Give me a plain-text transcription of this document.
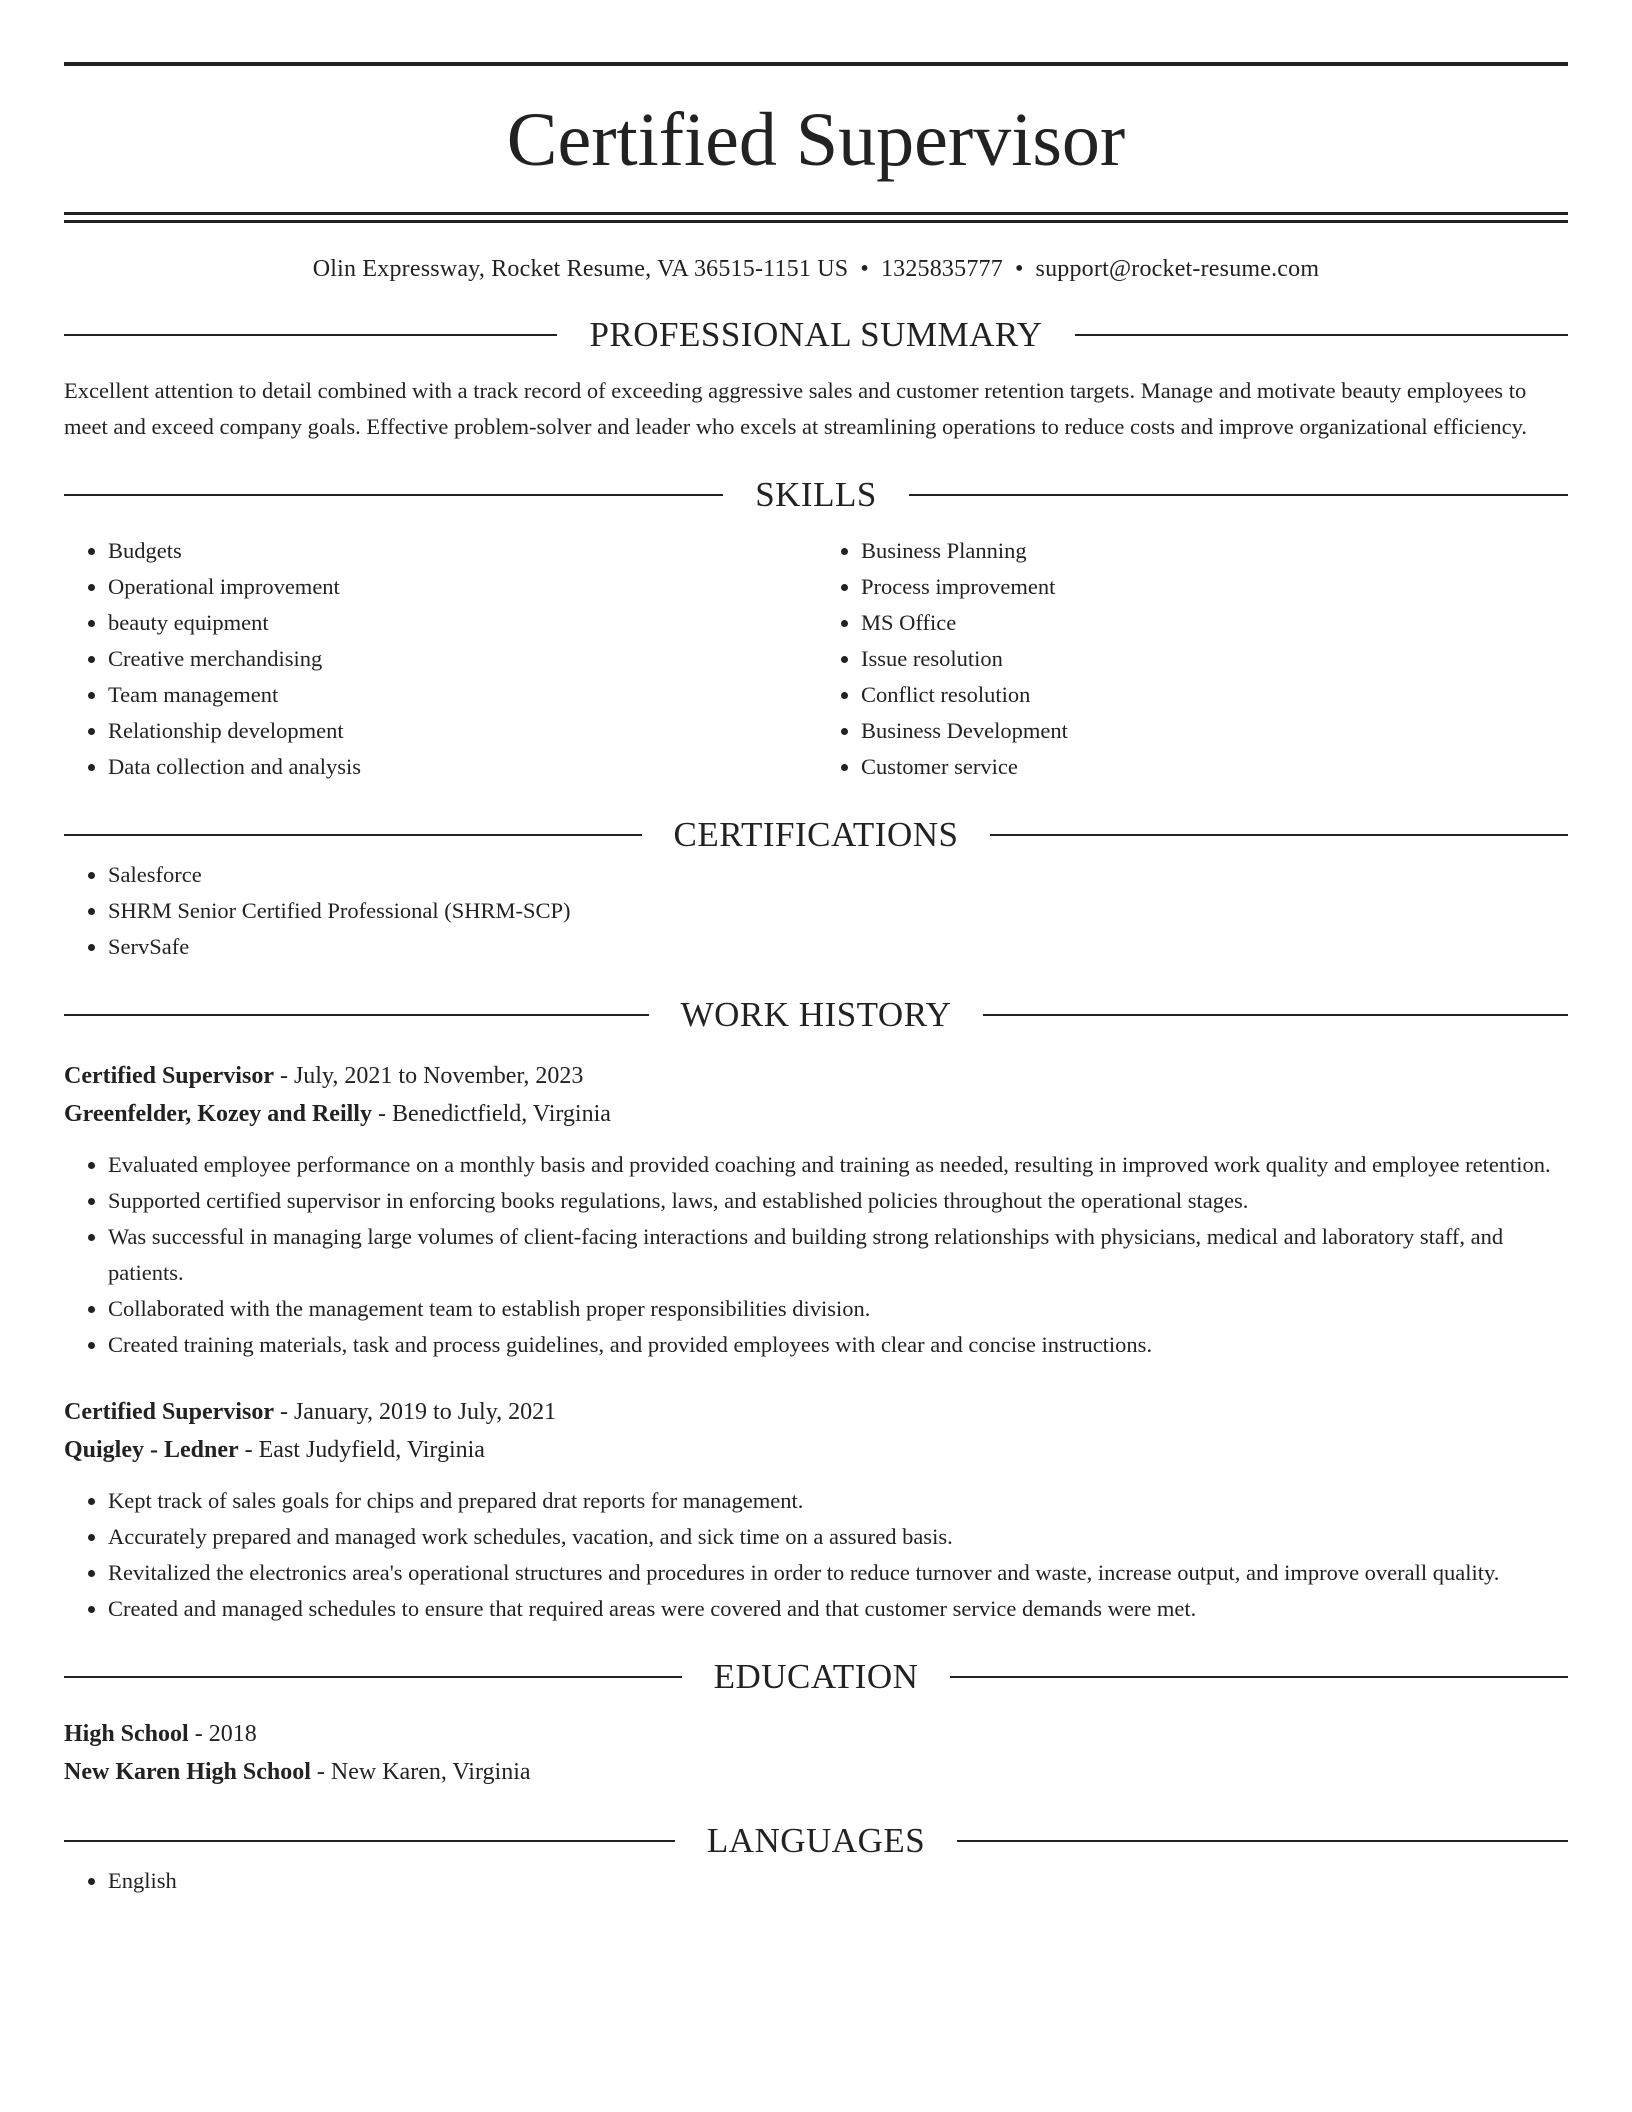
Certified Supervisor
Olin Expressway, Rocket Resume, VA 36515-1151 US • 1325835777 • support@rocket-resume.com
PROFESSIONAL SUMMARY
Excellent attention to detail combined with a track record of exceeding aggressive sales and customer retention targets. Manage and motivate beauty employees to meet and exceed company goals. Effective problem-solver and leader who excels at streamlining operations to reduce costs and improve organizational efficiency.
SKILLS
• Budgets
• Operational improvement
• beauty equipment
• Creative merchandising
• Team management
• Relationship development
• Data collection and analysis
• Business Planning
• Process improvement
• MS Office
• Issue resolution
• Conflict resolution
• Business Development
• Customer service
CERTIFICATIONS
• Salesforce
• SHRM Senior Certified Professional (SHRM-SCP)
• ServSafe
WORK HISTORY
Certified Supervisor - July, 2021 to November, 2023
Greenfelder, Kozey and Reilly - Benedictfield, Virginia
• Evaluated employee performance on a monthly basis and provided coaching and training as needed, resulting in improved work quality and employee retention.
• Supported certified supervisor in enforcing books regulations, laws, and established policies throughout the operational stages.
• Was successful in managing large volumes of client-facing interactions and building strong relationships with physicians, medical and laboratory staff, and patients.
• Collaborated with the management team to establish proper responsibilities division.
• Created training materials, task and process guidelines, and provided employees with clear and concise instructions.
Certified Supervisor - January, 2019 to July, 2021
Quigley - Ledner - East Judyfield, Virginia
• Kept track of sales goals for chips and prepared drat reports for management.
• Accurately prepared and managed work schedules, vacation, and sick time on a assured basis.
• Revitalized the electronics area's operational structures and procedures in order to reduce turnover and waste, increase output, and improve overall quality.
• Created and managed schedules to ensure that required areas were covered and that customer service demands were met.
EDUCATION
High School - 2018
New Karen High School - New Karen, Virginia
LANGUAGES
• English
